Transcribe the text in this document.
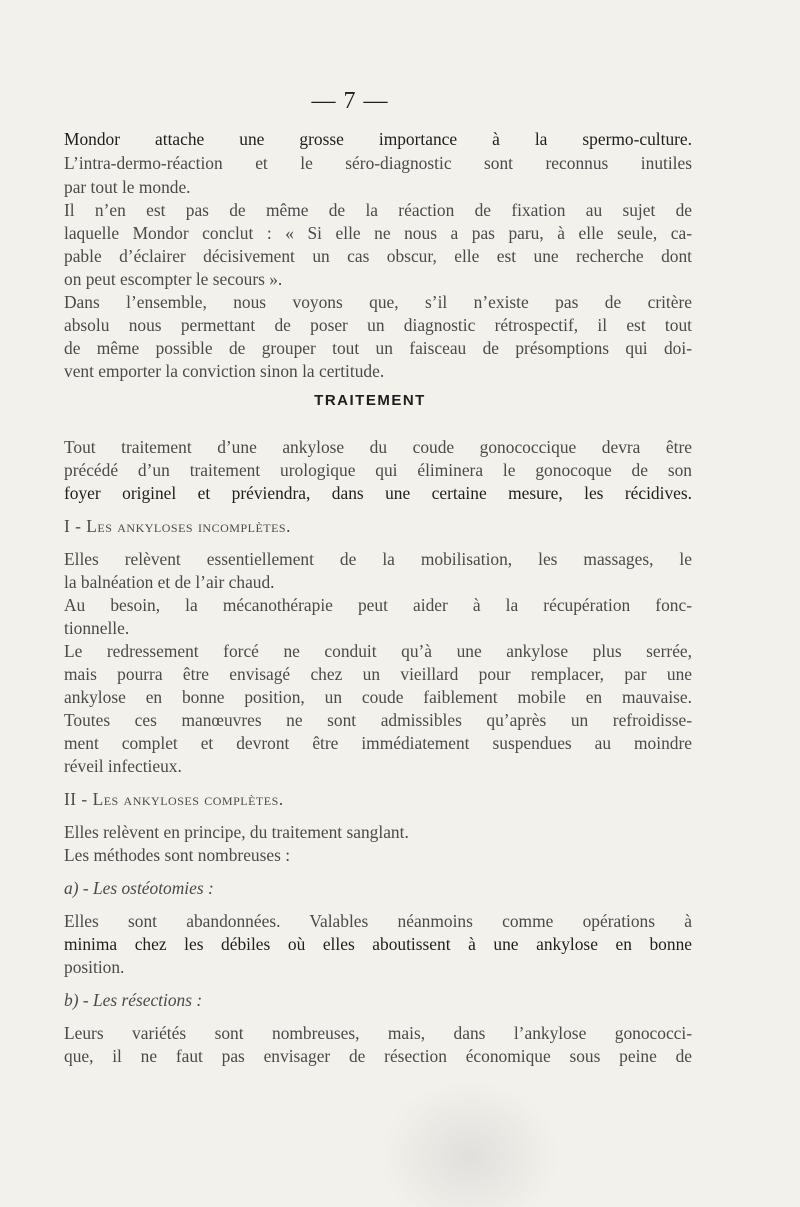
— 7 —
Mondor attache une grosse importance à la spermo-culture.
L’intra-dermo-réaction et le séro-diagnostic sont reconnus inutiles
par tout le monde.
Il n’en est pas de même de la réaction de fixation au sujet de
laquelle Mondor conclut : « Si elle ne nous a pas paru, à elle seule, ca-
pable d’éclairer décisivement un cas obscur, elle est une recherche dont
on peut escompter le secours ».
Dans l’ensemble, nous voyons que, s’il n’existe pas de critère
absolu nous permettant de poser un diagnostic rétrospectif, il est tout
de même possible de grouper tout un faisceau de présomptions qui doi-
vent emporter la conviction sinon la certitude.
TRAITEMENT
Tout traitement d’une ankylose du coude gonococcique devra être
précédé d’un traitement urologique qui éliminera le gonocoque de son
foyer originel et préviendra, dans une certaine mesure, les récidives.
I - Les ankyloses incomplètes.
Elles relèvent essentiellement de la mobilisation, les massages, le
la balnéation et de l’air chaud.
Au besoin, la mécanothérapie peut aider à la récupération fonc-
tionnelle.
Le redressement forcé ne conduit qu’à une ankylose plus serrée,
mais pourra être envisagé chez un vieillard pour remplacer, par une
ankylose en bonne position, un coude faiblement mobile en mauvaise.
Toutes ces manœuvres ne sont admissibles qu’après un refroidisse-
ment complet et devront être immédiatement suspendues au moindre
réveil infectieux.
II - Les ankyloses complètes.
Elles relèvent en principe, du traitement sanglant.
Les méthodes sont nombreuses :
a) - Les ostéotomies :
Elles sont abandonnées. Valables néanmoins comme opérations à
minima chez les débiles où elles aboutissent à une ankylose en bonne
position.
b) - Les résections :
Leurs variétés sont nombreuses, mais, dans l’ankylose gonococci-
que, il ne faut pas envisager de résection économique sous peine de
